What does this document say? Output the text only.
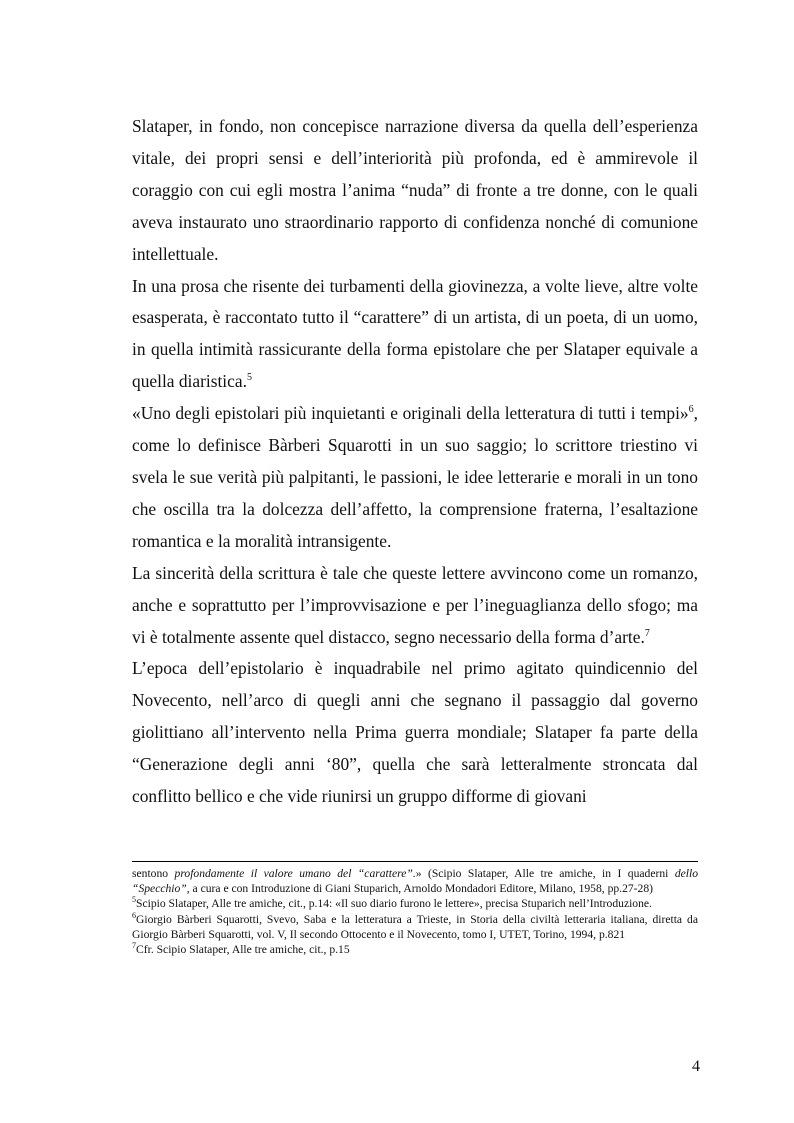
Slataper, in fondo, non concepisce narrazione diversa da quella dell’esperienza vitale, dei propri sensi e dell’interiorità più profonda, ed è ammirevole il coraggio con cui egli mostra l’anima “nuda” di fronte a tre donne, con le quali aveva instaurato uno straordinario rapporto di confidenza nonché di comunione intellettuale.

In una prosa che risente dei turbamenti della giovinezza, a volte lieve, altre volte esasperata, è raccontato tutto il “carattere” di un artista, di un poeta, di un uomo, in quella intimità rassicurante della forma epistolare che per Slataper equivale a quella diaristica.$^5$

«Uno degli epistolari più inquietanti e originali della letteratura di tutti i tempi»$^6$, come lo definisce Bàrberi Squarotti in un suo saggio; lo scrittore triestino vi svela le sue verità più palpitanti, le passioni, le idee letterarie e morali in un tono che oscilla tra la dolcezza dell’affetto, la comprensione fraterna, l’esaltazione romantica e la moralità intransigente.

La sincerità della scrittura è tale che queste lettere avvincono come un romanzo, anche e soprattutto per l’improvvisazione e per l’ineguaglianza dello sfogo; ma vi è totalmente assente quel distacco, segno necessario della forma d’arte.$^7$

L’epoca dell’epistolario è inquadrabile nel primo agitato quindicennio del Novecento, nell’arco di quegli anni che segnano il passaggio dal governo giolittiano all’intervento nella Prima guerra mondiale; Slataper fa parte della “Generazione degli anni ‘80”, quella che sarà letteralmente stroncata dal conflitto bellico e che vide riunirsi un gruppo difforme di giovani

sentono profondamente il valore umano del “carattere”.» (Scipio Slataper, Alle tre amiche, in I quaderni dello “Specchio”, a cura e con Introduzione di Giani Stuparich, Arnoldo Mondadori Editore, Milano, 1958, pp.27-28)

$^5$Scipio Slataper, Alle tre amiche, cit., p.14: «Il suo diario furono le lettere», precisa Stuparich nell’Introduzione.

$^6$Giorgio Bàrberi Squarotti, Svevo, Saba e la letteratura a Trieste, in Storia della civiltà letteraria italiana, diretta da Giorgio Bàrberi Squarotti, vol. V, Il secondo Ottocento e il Novecento, tomo I, UTET, Torino, 1994, p.821

$^7$Cfr. Scipio Slataper, Alle tre amiche, cit., p.15

4
